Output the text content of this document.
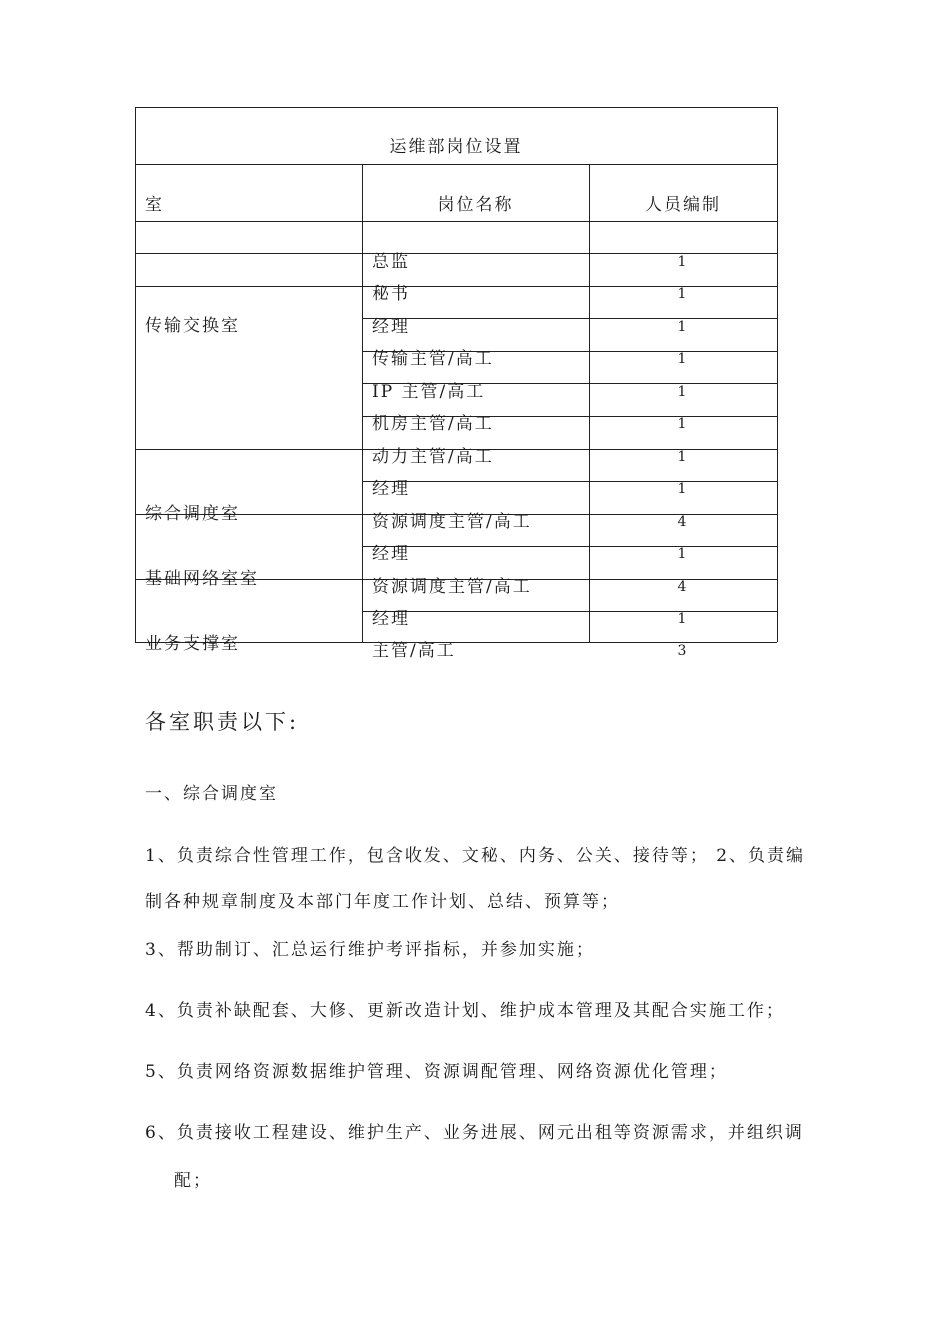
运维部岗位设置
室	岗位名称	人员编制
传输交换室
综合调度室
基础网络室室
业务支撑室
总监
秘书
经理
传输主管/高工
IP 主管/高工
机房主管/高工
动力主管/高工
经理
资源调度主管/高工
经理
资源调度主管/高工
经理
主管/高工
1
1
1
1
1
1
1
1
4
1
4
1
3
各室职责以下:
一、综合调度室
1、负责综合性管理工作，包含收发、文秘、内务、公关、接待等； 2、负责编
制各种规章制度及本部门年度工作计划、总结、预算等；
3、帮助制订、汇总运行维护考评指标，并参加实施；
4、负责补缺配套、大修、更新改造计划、维护成本管理及其配合实施工作；
5、负责网络资源数据维护管理、资源调配管理、网络资源优化管理；
6、负责接收工程建设、维护生产、业务进展、网元出租等资源需求，并组织调
配；
